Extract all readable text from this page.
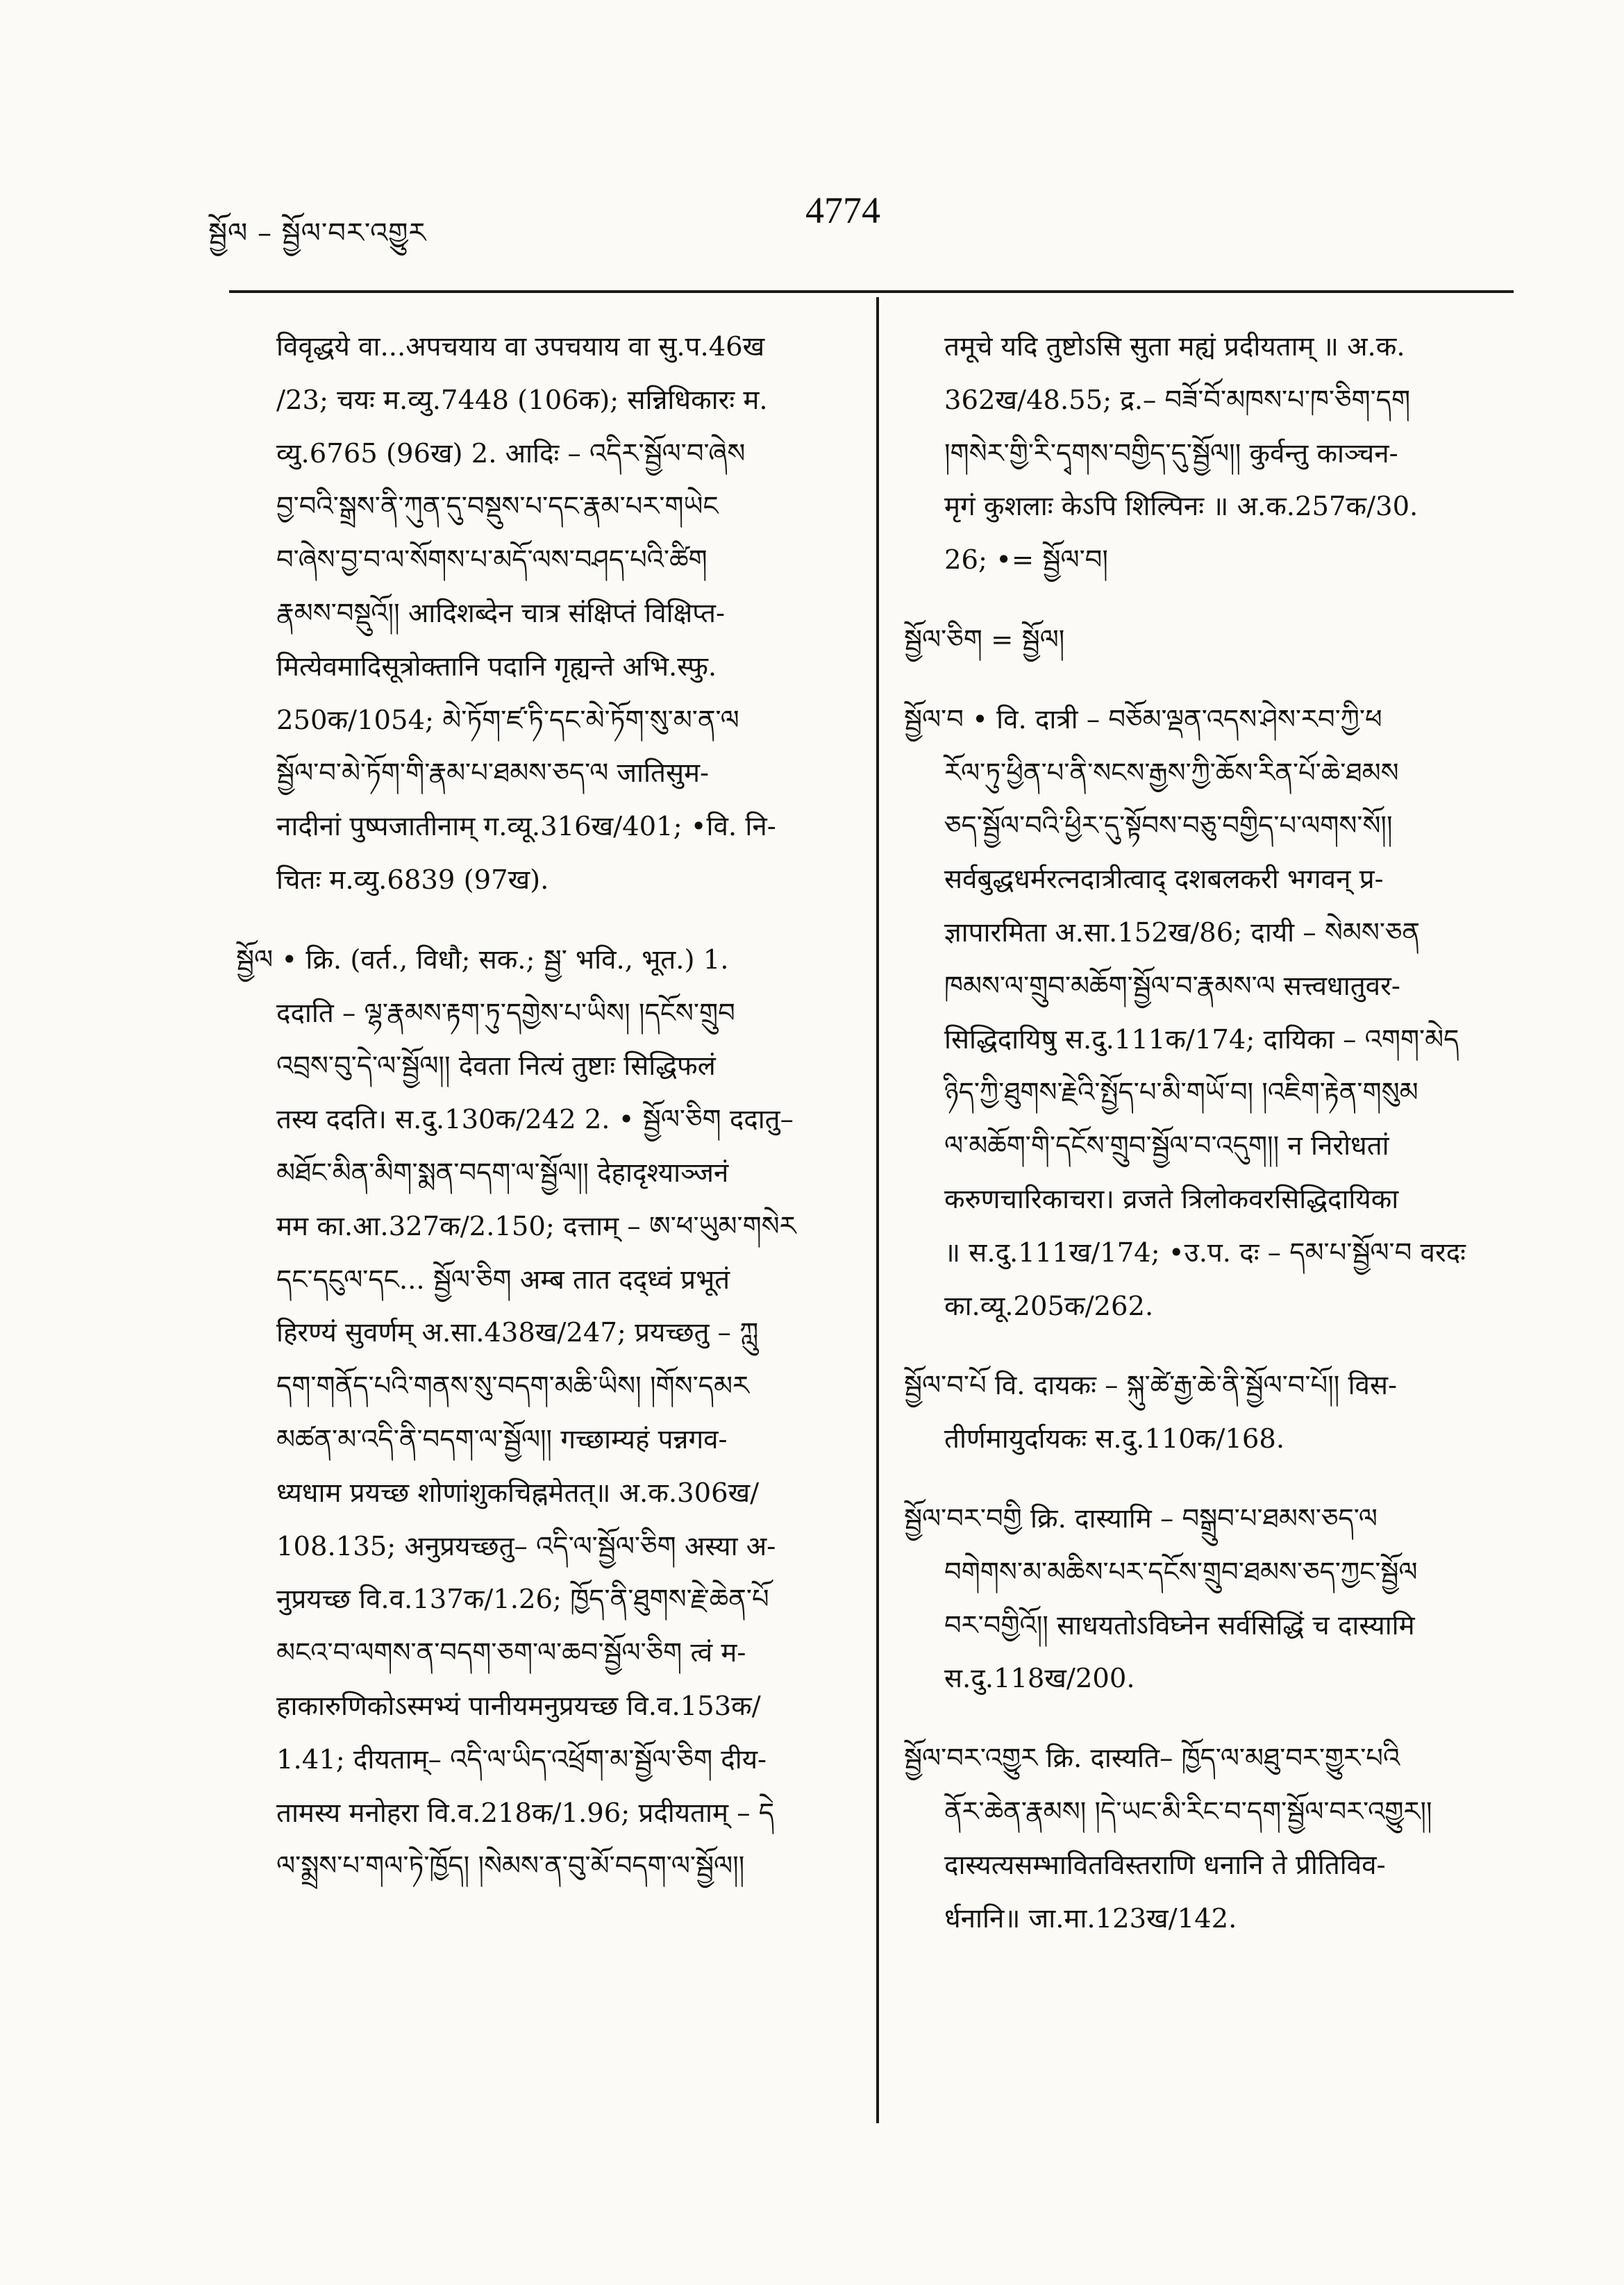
སྦྱོལ – སྦྱོལ་བར་འགྱུར
4774
विवृद्धये वा...अपचयाय वा उपचयाय वा सु.प.46ख
/23; चयः म.व्यु.7448 (106क); सन्निधिकारः म.
व्यु.6765 (96ख) 2. आदिः – འདིར་སྦྱོལ་བ་ཞེས
བྱ་བའི་སྒྲས་ནི་ཀུན་དུ་བསྡུས་པ་དང་རྣམ་པར་གཡེང
བ་ཞེས་བྱ་བ་ལ་སོགས་པ་མདོ་ལས་བཤད་པའི་ཚིག
རྣམས་བསྡུའོ།། आदिशब्देन चात्र संक्षिप्तं विक्षिप्त-
मित्येवमादिसूत्रोक्तानि पदानि गृह्यन्ते अभि.स्फु.
250क/1054; མེ་ཏོག་ཛ་ཏི་དང་མེ་ཏོག་སུ་མ་ན་ལ
སྦྱོལ་བ་མེ་ཏོག་གི་རྣམ་པ་ཐམས་ཅད་ལ जातिसुम-
नादीनां पुष्पजातीनाम् ग.व्यू.316ख/401; •वि. नि-
चितः म.व्यु.6839 (97ख).
སྦྱོལ • क्रि. (वर्त., विधौ; सक.; སྦྱ་ भवि., भूत.) 1.
ददाति – ལྷ་རྣམས་རྟག་ཏུ་དགྱེས་པ་ཡིས། །དངོས་གྲུབ
འབྲས་བུ་དེ་ལ་སྦྱོལ།། देवता नित्यं तुष्टाः सिद्धिफलं
तस्य ददति। स.दु.130क/242 2. • སྦྱོལ་ཅིག ददातु–
མཐོང་མིན་མིག་སྨན་བདག་ལ་སྦྱོལ།། देहादृश्याञ्जनं
मम का.आ.327क/2.150; दत्ताम् – ཨ་ཕ་ཡུམ་གསེར
དང་དངུལ་དང... སྦྱོལ་ཅིག अम्ब तात दद्ध्वं प्रभूतं
हिरण्यं सुवर्णम् अ.सा.438ख/247; प्रयच्छतु – ཀླུ
དག་གནོད་པའི་གནས་སུ་བདག་མཆི་ཡིས། །གོས་དམར
མཚན་མ་འདི་ནི་བདག་ལ་སྦྱོལ།། गच्छाम्यहं पन्नगव-
ध्यधाम प्रयच्छ शोणांशुकचिह्नमेतत्॥ अ.क.306ख/
108.135; अनुप्रयच्छतु– འདི་ལ་སྦྱོལ་ཅིག अस्या अ-
नुप्रयच्छ वि.व.137क/1.26; ཁྱོད་ནི་ཐུགས་རྗེ་ཆེན་པོ
མངའ་བ་ལགས་ན་བདག་ཅག་ལ་ཆབ་སྦྱོལ་ཅིག त्वं म-
हाकारुणिकोऽस्मभ्यं पानीयमनुप्रयच्छ वि.व.153क/
1.41; दीयताम्– འདི་ལ་ཡིད་འཕྲོག་མ་སྦྱོལ་ཅིག दीय-
तामस्य मनोहरा वि.व.218क/1.96; प्रदीयताम् – དེ
ལ་སྨྲས་པ་གལ་ཏེ་ཁྱོད། །སེམས་ན་བུ་མོ་བདག་ལ་སྦྱོལ།།
तमूचे यदि तुष्टोऽसि सुता मह्यं प्रदीयताम् ॥ अ.क.
362ख/48.55; द्र.– བཟོ་བོ་མཁས་པ་ཁ་ཅིག་དག
།གསེར་གྱི་རི་དྭགས་བགྱིད་དུ་སྦྱོལ།། कुर्वन्तु काञ्चन-
मृगं कुशलाः केऽपि शिल्पिनः ॥ अ.क.257क/30.
26; •= སྦྱོལ་བ།
སྦྱོལ་ཅིག = སྦྱོལ།
སྦྱོལ་བ • वि. दात्री – བཅོམ་ལྡན་འདས་ཤེས་རབ་ཀྱི་ཕ
རོལ་ཏུ་ཕྱིན་པ་ནི་སངས་རྒྱས་ཀྱི་ཆོས་རིན་པོ་ཆེ་ཐམས
ཅད་སྦྱོལ་བའི་ཕྱིར་དུ་སྟོབས་བཅུ་བགྱིད་པ་ལགས་སོ།།
सर्वबुद्धधर्मरत्नदात्रीत्वाद् दशबलकरी भगवन् प्र-
ज्ञापारमिता अ.सा.152ख/86; दायी – སེམས་ཅན
ཁམས་ལ་གྲུབ་མཆོག་སྦྱོལ་བ་རྣམས་ལ सत्त्वधातुवर-
सिद्धिदायिषु स.दु.111क/174; दायिका – འགག་མེད
ཉིད་ཀྱི་ཐུགས་རྗེའི་སྤྱོད་པ་མི་གཡོ་བ། །འཇིག་རྟེན་གསུམ
ལ་མཆོག་གི་དངོས་གྲུབ་སྦྱོལ་བ་འདུག།། न निरोधतां
करुणचारिकाचरा। व्रजते त्रिलोकवरसिद्धिदायिका
॥ स.दु.111ख/174; •उ.प. दः – དམ་པ་སྦྱོལ་བ वरदः
का.व्यू.205क/262.
སྦྱོལ་བ་པོ वि. दायकः – སྐུ་ཚེ་རྒྱ་ཆེ་ནི་སྦྱོལ་བ་པོ།། विस-
तीर्णमायुर्दायकः स.दु.110क/168.
སྦྱོལ་བར་བགྱི क्रि. दास्यामि – བསྒྲུབ་པ་ཐམས་ཅད་ལ
བགེགས་མ་མཆིས་པར་དངོས་གྲུབ་ཐམས་ཅད་ཀྱང་སྦྱོལ
བར་བགྱིའོ།། साधयतोऽविघ्नेन सर्वसिद्धिं च दास्यामि
स.दु.118ख/200.
སྦྱོལ་བར་འགྱུར क्रि. दास्यति– ཁྱོད་ལ་མཐུ་བར་གྱུར་པའི
ནོར་ཆེན་རྣམས། །དེ་ཡང་མི་རིང་བ་དག་སྦྱོལ་བར་འགྱུར།།
दास्यत्यसम्भावितविस्तराणि धनानि ते प्रीतिविव-
र्धनानि॥ जा.मा.123ख/142.
